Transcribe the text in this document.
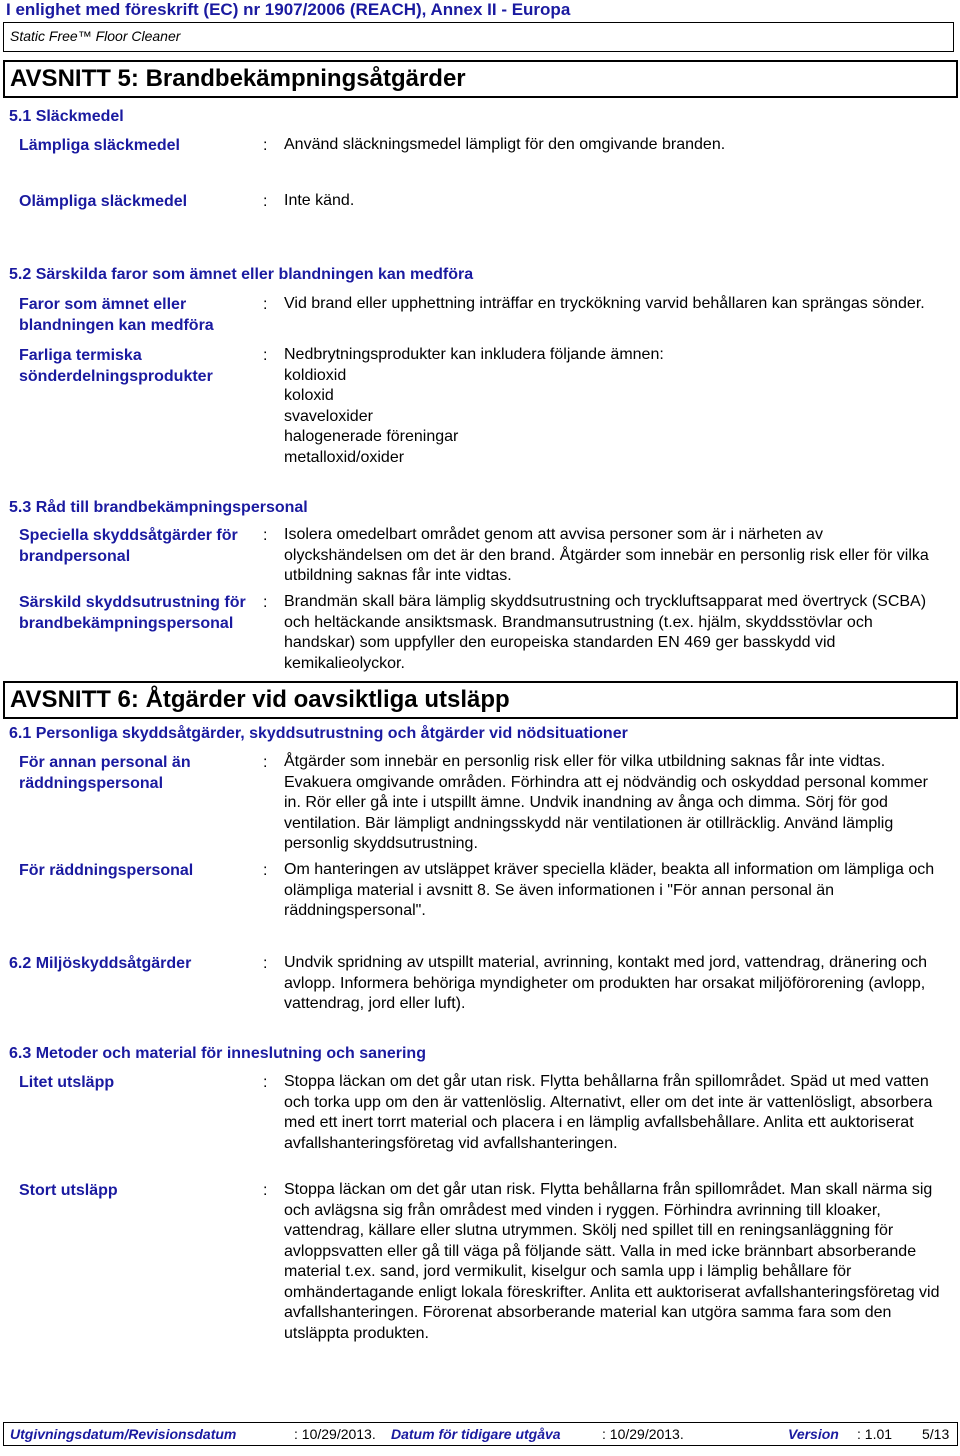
I enlighet med föreskrift (EC) nr 1907/2006 (REACH), Annex II - Europa
Static Free™ Floor Cleaner
AVSNITT 5: Brandbekämpningsåtgärder
5.1 Släckmedel
Lämpliga släckmedel	: Använd släckningsmedel lämpligt för den omgivande branden.
Olämpliga släckmedel	: Inte känd.
5.2 Särskilda faror som ämnet eller blandningen kan medföra
Faror som ämnet eller blandningen kan medföra
: Vid brand eller upphettning inträffar en tryckökning varvid behållaren kan sprängas sönder.
Farliga termiska sönderdelningsprodukter
: Nedbrytningsprodukter kan inkludera följande ämnen:
koldioxid
koloxid
svaveloxider
halogenerade föreningar
metalloxid/oxider
5.3 Råd till brandbekämpningspersonal
Speciella skyddsåtgärder för brandpersonal
: Isolera omedelbart området genom att avvisa personer som är i närheten av olyckshändelsen om det är den brand. Åtgärder som innebär en personlig risk eller för vilka utbildning saknas får inte vidtas.
Särskild skyddsutrustning för brandbekämpningspersonal
: Brandmän skall bära lämplig skyddsutrustning och tryckluftsapparat med övertryck (SCBA) och heltäckande ansiktsmask. Brandmansutrustning (t.ex. hjälm, skyddsstövlar och handskar) som uppfyller den europeiska standarden EN 469 ger basskydd vid kemikalieolyckor.
AVSNITT 6: Åtgärder vid oavsiktliga utsläpp
6.1 Personliga skyddsåtgärder, skyddsutrustning och åtgärder vid nödsituationer
För annan personal än räddningspersonal
: Åtgärder som innebär en personlig risk eller för vilka utbildning saknas får inte vidtas. Evakuera omgivande områden. Förhindra att ej nödvändig och oskyddad personal kommer in. Rör eller gå inte i utspillt ämne. Undvik inandning av ånga och dimma. Sörj för god ventilation. Bär lämpligt andningsskydd när ventilationen är otillräcklig. Använd lämplig personlig skyddsutrustning.
För räddningspersonal	: Om hanteringen av utsläppet kräver speciella kläder, beakta all information om lämpliga och olämpliga material i avsnitt 8. Se även informationen i "För annan personal än räddningspersonal".
6.2 Miljöskyddsåtgärder	: Undvik spridning av utspillt material, avrinning, kontakt med jord, vattendrag, dränering och avlopp. Informera behöriga myndigheter om produkten har orsakat miljöförorening (avlopp, vattendrag, jord eller luft).
6.3 Metoder och material för inneslutning och sanering
Litet utsläpp	: Stoppa läckan om det går utan risk. Flytta behållarna från spillområdet. Späd ut med vatten och torka upp om den är vattenlöslig. Alternativt, eller om det inte är vattenlösligt, absorbera med ett inert torrt material och placera i en lämplig avfallsbehållare. Anlita ett auktoriserat avfallshanteringsföretag vid avfallshanteringen.
Stort utsläpp	: Stoppa läckan om det går utan risk. Flytta behållarna från spillområdet. Man skall närma sig och avlägsna sig från områdest med vinden i ryggen. Förhindra avrinning till kloaker, vattendrag, källare eller slutna utrymmen. Skölj ned spillet till en reningsanläggning för avloppsvatten eller gå till väga på följande sätt. Valla in med icke brännbart absorberande material t.ex. sand, jord vermikulit, kiselgur och samla upp i lämplig behållare för omhändertagande enligt lokala föreskrifter. Anlita ett auktoriserat avfallshanteringsföretag vid avfallshanteringen. Förorenat absorberande material kan utgöra samma fara som den utsläppta produkten.
Utgivningsdatum/Revisionsdatum	: 10/29/2013. Datum för tidigare utgåva	: 10/29/2013.	Version : 1.01 5/13
